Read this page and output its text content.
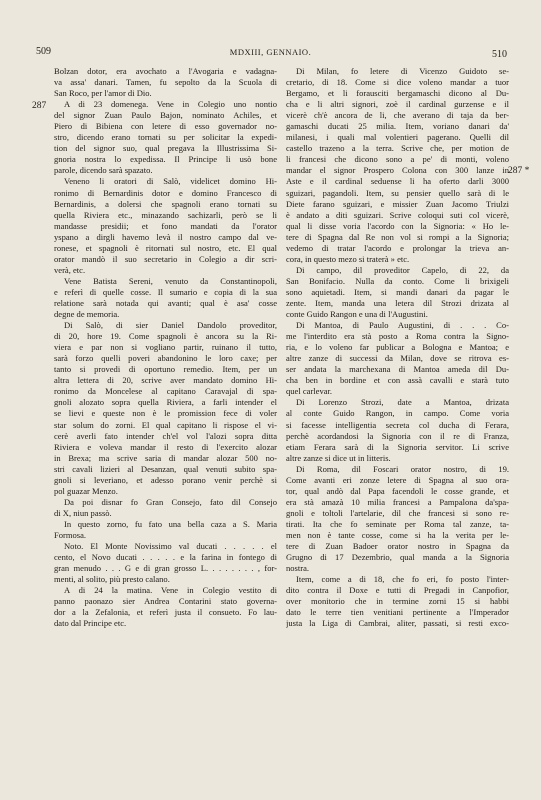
509	MDXIII, GENNAIO.	510
287
287 *
Bolzan dotor, era avochato a l'Avogaria e vadagna-
va assa' danari. Tamen, fu sepolto da la Scuola di
San Roco, per l'amor di Dio.
A di 23 domenega. Vene in Colegio uno nontio
del signor Zuan Paulo Bajon, nominato Achiles, et
Piero di Bibiena con letere di esso governador no-
stro, dicendo erano tornati su per solicitar la expedi-
tion del signor suo, qual pregava la Illustrissima Si-
gnoria nostra lo expedissa. Il Principe li usò bone
parole, dicendo sarà spazato.
Veneno li oratori di Salò, videlicet domino Hi-
ronimo di Bernardinis dotor e domino Francesco di
Bernardinis, a dolersi che spagnoli erano tornati su
quella Riviera etc., minazando sachizarli, però se li
mandasse presidii; et fono mandati da l'orator
yspano a dirgli havemo levà il nostro campo dal ve-
ronese, et spagnoli è ritornati sul nostro, etc. El qual
orator mandò il suo secretario in Colegio a dir scri-
verà, etc.
Vene Batista Sereni, venuto da Constantinopoli,
e referì di quelle cosse. Il sumario e copia di la sua
relatione sarà notada qui avanti; qual è asa' cosse
degne de memoria.
Di Salò, di sier Daniel Dandolo proveditor,
di 20, hore 19. Come spagnoli è ancora su la Ri-
viera e par non si vogliano partir, ruinano il tutto,
sarà forzo quelli poveri abandonino le loro caxe; per
tanto si provedi di oportuno remedio. Item, per un
altra lettera di 20, scrive aver mandato domino Hi-
ronimo da Moncelese al capitano Caravajal di spa-
gnoli alozato sopra quella Riviera, a farli intender el
se lievi e queste non è le promission fece di voler
star solum do zorni. El qual capitano li rispose el vi-
cerè averli fato intender ch'el vol l'alozi sopra ditta
Riviera e voleva mandar il resto di l'exercito alozar
in Brexa; ma scrive saria di mandar alozar 500 no-
stri cavali lizieri al Desanzan, qual venuti subito spa-
gnoli si leveriano, et adesso porano venir perchè si
pol guazar Menzo.
Da poi disnar fo Gran Consejo, fato dil Consejo
di X, niun passò.
In questo zorno, fu fato una bella caza a S. Maria
Formosa.
Noto. El Monte Novissimo val ducati . . . . . el
cento, el Novo ducati . . . . . e la farina in fontego di
gran menudo . . . G e di gran grosso L. . . . . . . . , for-
menti, al solito, più presto calano.
A di 24 la matina. Vene in Colegio vestito di
panno paonazo sier Andrea Contarini stato governa-
dor a la Zefalonia, et referì justa il consueto. Fo lau-
dato dal Principe etc.
Di Milan, fo letere di Vicenzo Guidoto se-
cretario, di 18. Come si dice voleno mandar a tuor
Bergamo, et li forausciti bergamaschi dicono al Du-
cha e li altri signori, zoè il cardinal gurzense e il
vicerè ch'è ancora de li, che averano di taja da ber-
gamaschi ducati 25 milia. Item, voriano danari da'
milanesi, i quali mal volentieri pagerano. Quelli dil
castello trazeno a la terra. Scrive che, per motion de
li francesi che dicono sono a pe' di monti, voleno
mandar el signor Prospero Colona con 300 lanze in
Aste e il cardinal seduense li ha oferto darli 3000
sguizari, pagandoli. Item, su pensier quello sarà di le
Diete farano sguizari, e missier Zuan Jacomo Triulzi
è andato a diti sguizari. Scrive coloqui suti col vicerè,
qual li disse voria l'acordo con la Signoria: « Ho le-
tere di Spagna dal Re non vol si rompi a la Signoria;
vedemo di tratar l'acordo e prolongar la trieva an-
cora, in questo mezo si traterà » etc.
Di campo, dil proveditor Capelo, di 22, da
San Bonifacio. Nulla da conto. Come li brixigeli
sono aquietadi. Item, si mandi danari da pagar le
zente. Item, manda una letera dil Strozi drizata al
conte Guido Rangon e una di l'Augustini.
Di Mantoa, di Paulo Augustini, di . . . Co-
me l'interdito era stà posto a Roma contra la Signo-
ria, e lo voleno far publicar a Bologna e Mantoa; e
altre zanze di successi da Milan, dove se ritrova es-
ser andata la marchexana di Mantoa ameda dil Du-
cha ben in bordine et con assà cavalli e starà tuto
quel carlevar.
Di Lorenzo Strozi, date a Mantoa, drizata
al conte Guido Rangon, in campo. Come voria
si facesse intelligentia secreta col ducha di Ferara,
perchè acordandosi la Signoria con il re di Franza,
etiam Ferara sarà di la Signoria servitor. Li scrive
altre zanze si dice ut in litteris.
Di Roma, dil Foscari orator nostro, di 19.
Come avanti eri zonze letere di Spagna al suo ora-
tor, qual andò dal Papa facendoli le cosse grande, et
era stà amazà 10 milia francesi a Pampalona da'spa-
gnoli e toltoli l'artelarie, dil che francesi si sono re-
tirati. Ita che fo seminate per Roma tal zanze, ta-
men non è tante cosse, come si ha la verita per le-
tere di Zuan Badoer orator nostro in Spagna da
Grugno di 17 Dezembrio, qual manda a la Signoria
nostra.
Item, come a di 18, che fo eri, fo posto l'inter-
dito contra il Doxe e tutti di Pregadi in Canpofior,
over monitorio che in termine zorni 15 si habbi
dato le terre tien venitiani pertinente a l'Imperador
justa la Liga di Cambrai, aliter, passati, si resti exco-
